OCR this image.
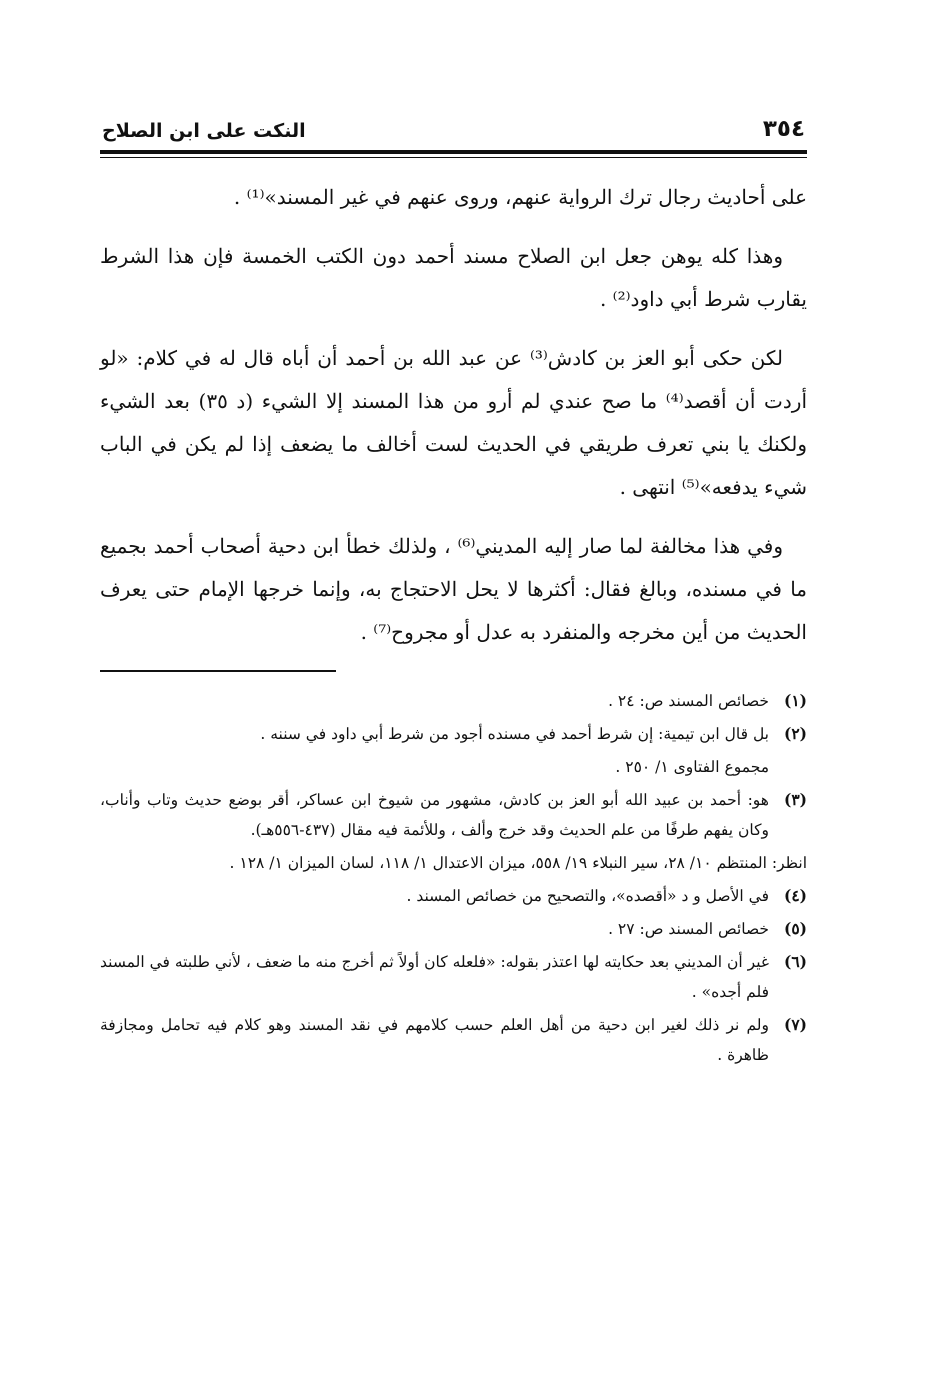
٣٥٤
النكت على ابن الصلاح

على أحاديث رجال ترك الرواية عنهم، وروى عنهم في غير المسند»⁽¹⁾ .

وهذا كله يوهن جعل ابن الصلاح مسند أحمد دون الكتب الخمسة فإن هذا الشرط يقارب شرط أبي داود⁽²⁾ .

لكن حكى أبو العز بن كادش⁽³⁾ عن عبد الله بن أحمد أن أباه قال له في كلام: «لو أردت أن أقصد⁽⁴⁾ ما صح عندي لم أرو من هذا المسند إلا الشيء (د ٣٥) بعد الشيء ولكنك يا بني تعرف طريقي في الحديث لست أخالف ما يضعف إذا لم يكن في الباب شيء يدفعه»⁽⁵⁾ انتهى .

وفي هذا مخالفة لما صار إليه المديني⁽⁶⁾ ، ولذلك خطأ ابن دحية أصحاب أحمد بجميع ما في مسنده، وبالغ فقال: أكثرها لا يحل الاحتجاج به، وإنما خرجها الإمام حتى يعرف الحديث من أين مخرجه والمنفرد به عدل أو مجروح⁽⁷⁾ .

(١)
خصائص المسند ص: ٢٤ .
(٢)
بل قال ابن تيمية: إن شرط أحمد في مسنده أجود من شرط أبي داود في سننه .
مجموع الفتاوى ١/ ٢٥٠ .
(٣)
هو: أحمد بن عبيد الله أبو العز بن كادش، مشهور من شيوخ ابن عساكر، أقر بوضع حديث وتاب وأناب، وكان يفهم طرفًا من علم الحديث وقد خرج وألف ، وللأئمة فيه مقال (٤٣٧-٥٥٦هـ).
انظر: المنتظم ١٠/ ٢٨، سير النبلاء ١٩/ ٥٥٨، ميزان الاعتدال ١/ ١١٨، لسان الميزان ١/ ١٢٨ .
(٤)
في الأصل و د «أقصده»، والتصحيح من خصائص المسند .
(٥)
خصائص المسند ص: ٢٧ .
(٦)
غير أن المديني بعد حكايته لها اعتذر بقوله: «فلعله كان أولاً ثم أخرج منه ما ضعف ، لأني طلبته في المسند فلم أجده» .
(٧)
ولم نر ذلك لغير ابن دحية من أهل العلم حسب كلامهم في نقد المسند وهو كلام فيه تحامل ومجازفة ظاهرة .
